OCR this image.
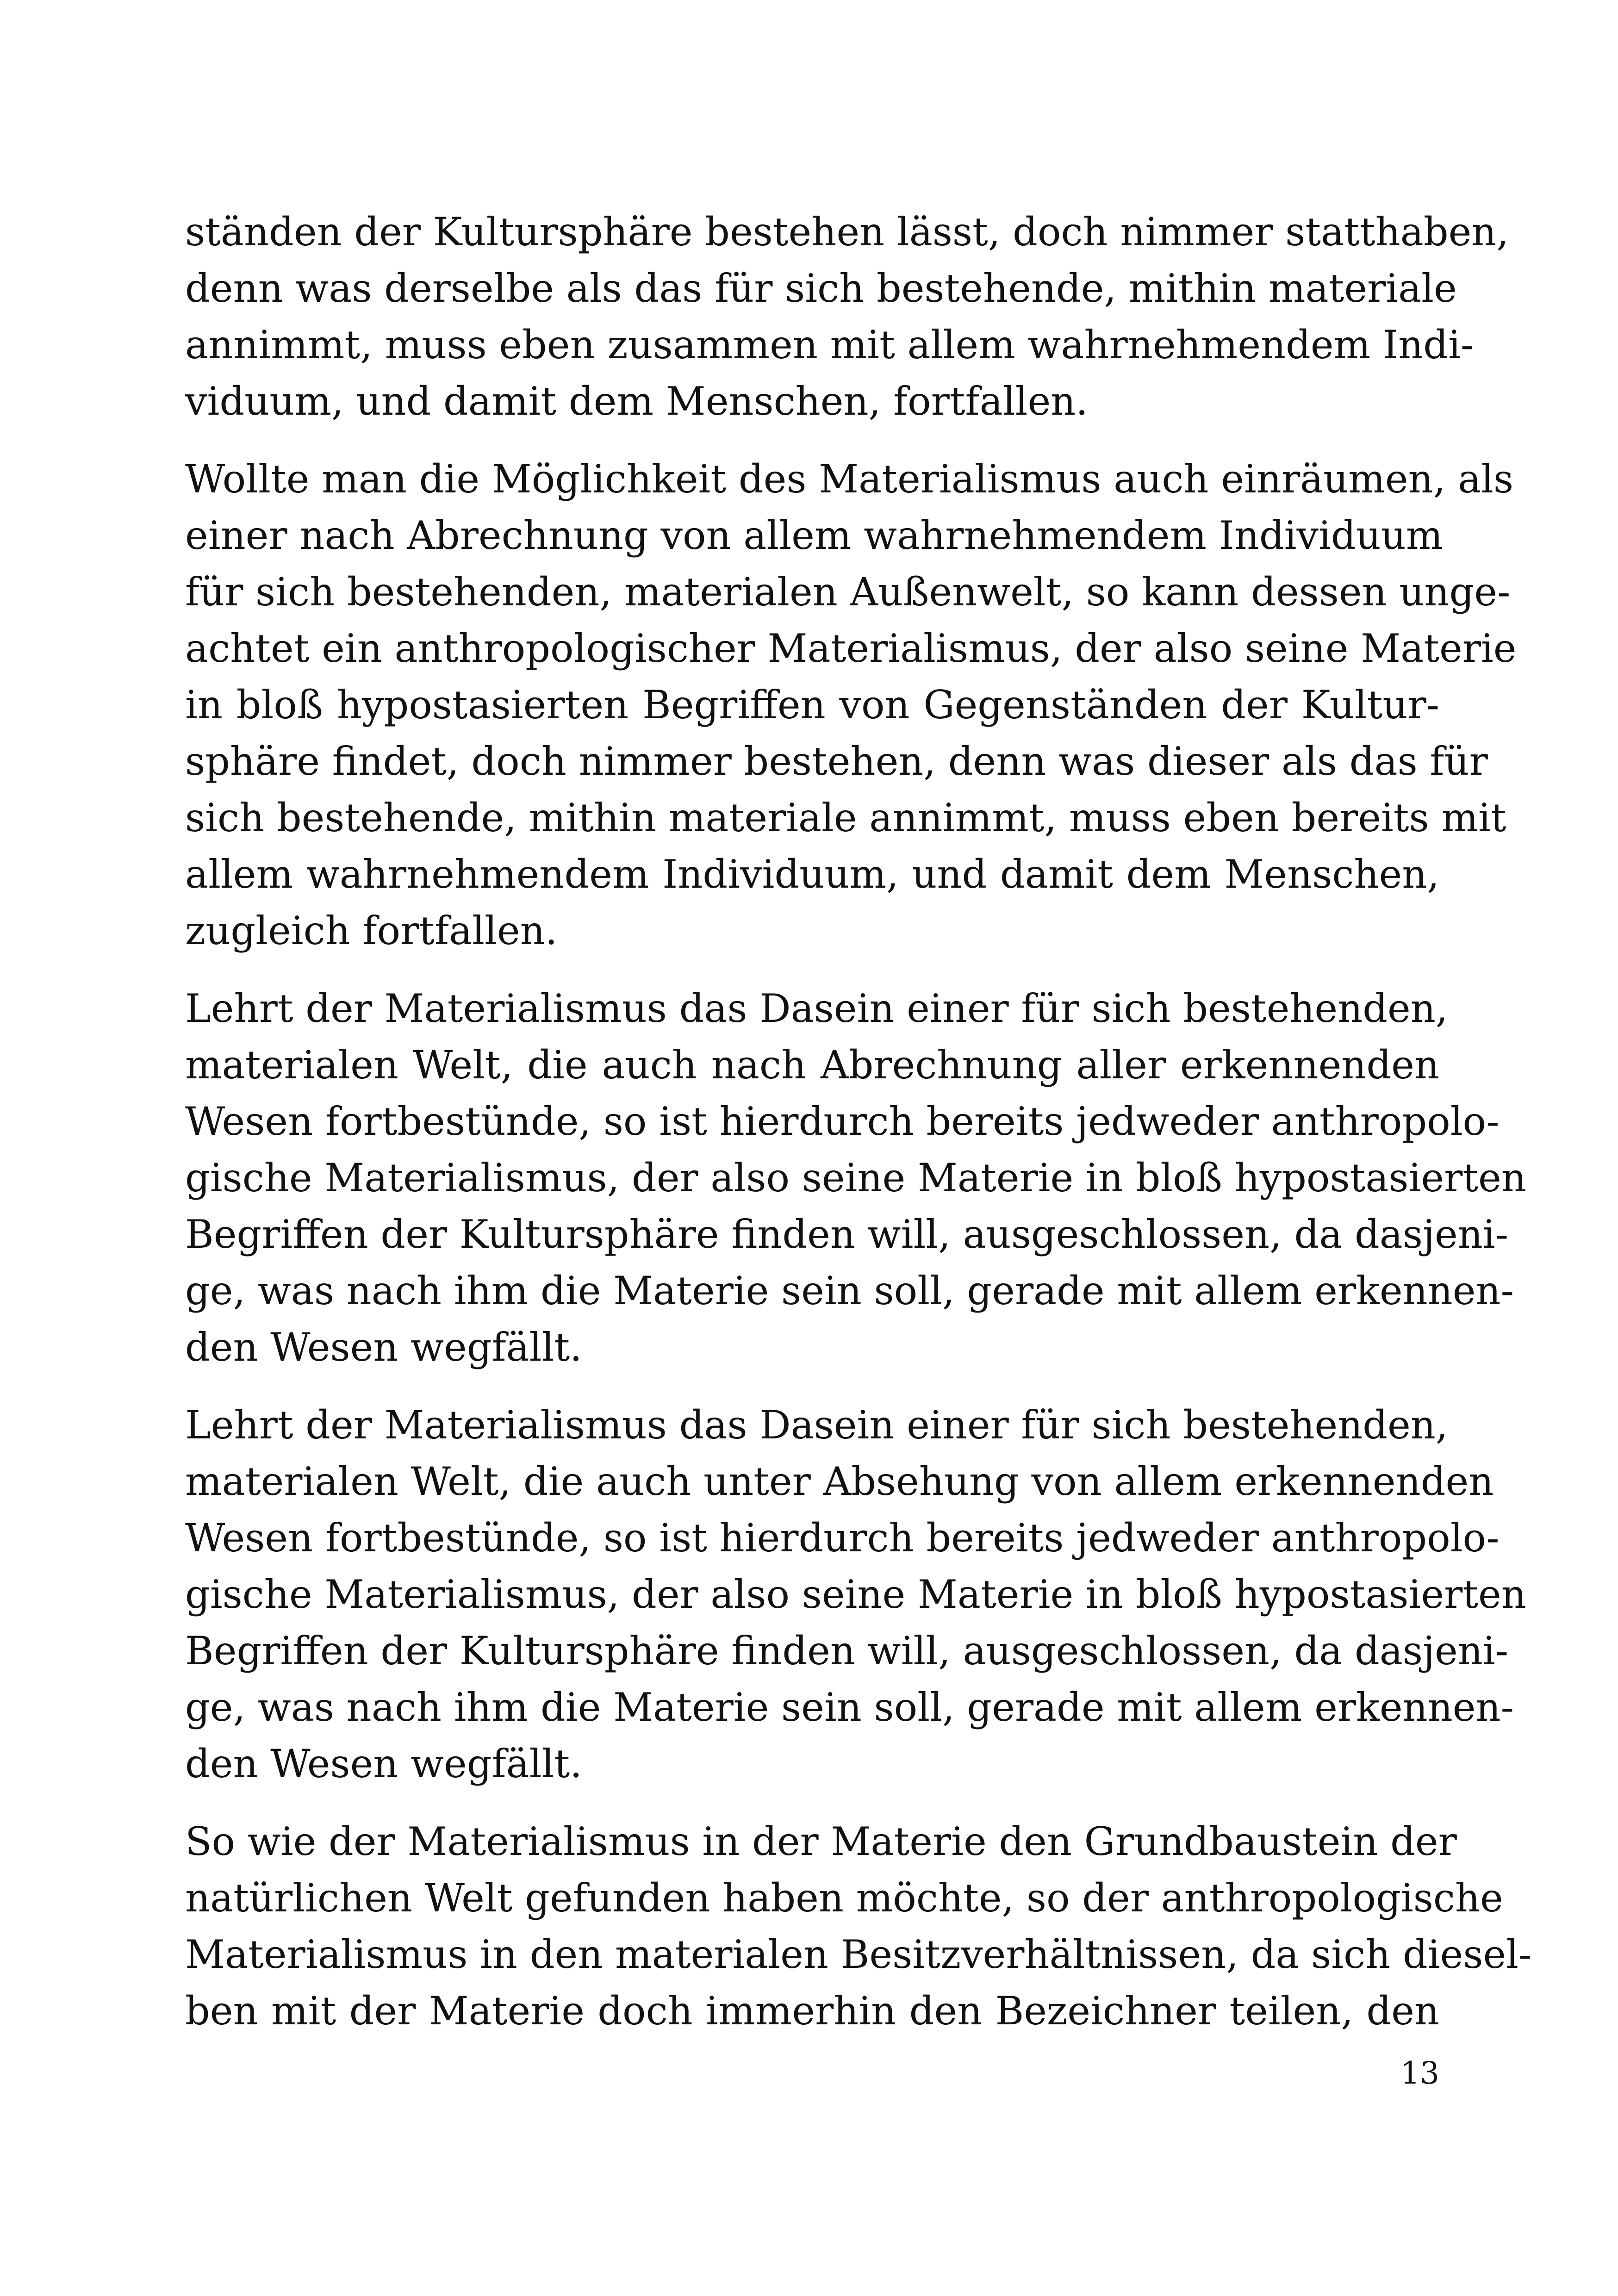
ständen der Kultursphäre bestehen lässt, doch nimmer statthaben,
denn was derselbe als das für sich bestehende, mithin materiale
annimmt, muss eben zusammen mit allem wahrnehmendem Indi-
viduum, und damit dem Menschen, fortfallen.
Wollte man die Möglichkeit des Materialismus auch einräumen, als
einer nach Abrechnung von allem wahrnehmendem Individuum
für sich bestehenden, materialen Außenwelt, so kann dessen unge-
achtet ein anthropologischer Materialismus, der also seine Materie
in bloß hypostasierten Begriffen von Gegenständen der Kultur-
sphäre findet, doch nimmer bestehen, denn was dieser als das für
sich bestehende, mithin materiale annimmt, muss eben bereits mit
allem wahrnehmendem Individuum, und damit dem Menschen,
zugleich fortfallen.
Lehrt der Materialismus das Dasein einer für sich bestehenden,
materialen Welt, die auch nach Abrechnung aller erkennenden
Wesen fortbestünde, so ist hierdurch bereits jedweder anthropolo-
gische Materialismus, der also seine Materie in bloß hypostasierten
Begriffen der Kultursphäre finden will, ausgeschlossen, da dasjeni-
ge, was nach ihm die Materie sein soll, gerade mit allem erkennen-
den Wesen wegfällt.
Lehrt der Materialismus das Dasein einer für sich bestehenden,
materialen Welt, die auch unter Absehung von allem erkennenden
Wesen fortbestünde, so ist hierdurch bereits jedweder anthropolo-
gische Materialismus, der also seine Materie in bloß hypostasierten
Begriffen der Kultursphäre finden will, ausgeschlossen, da dasjeni-
ge, was nach ihm die Materie sein soll, gerade mit allem erkennen-
den Wesen wegfällt.
So wie der Materialismus in der Materie den Grundbaustein der
natürlichen Welt gefunden haben möchte, so der anthropologische
Materialismus in den materialen Besitzverhältnissen, da sich diesel-
ben mit der Materie doch immerhin den Bezeichner teilen, den
13
